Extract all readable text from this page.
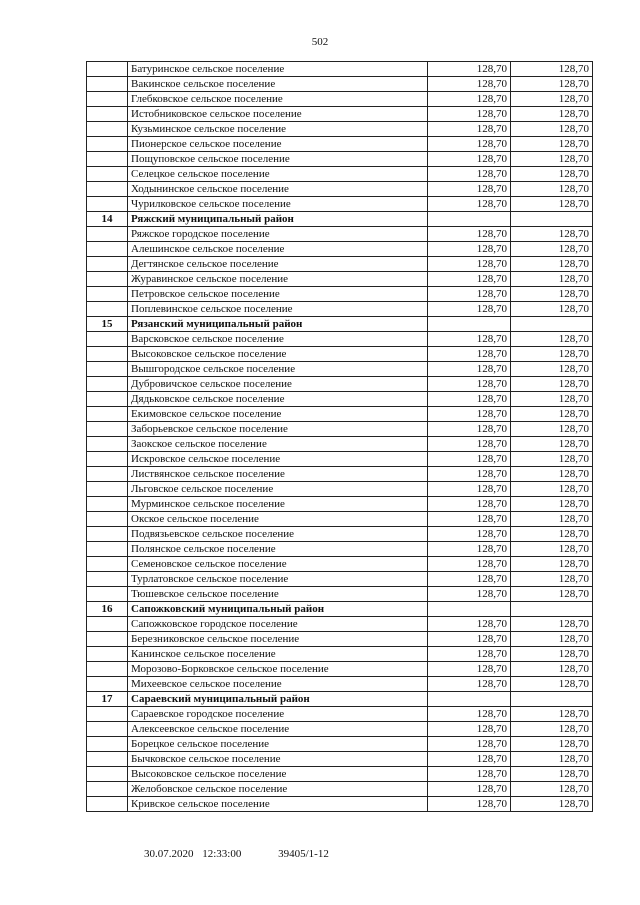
502
	Батуринское сельское поселение	128,70	128,70
	Вакинское сельское поселение	128,70	128,70
	Глебковское сельское поселение	128,70	128,70
	Истобниковское сельское поселение	128,70	128,70
	Кузьминское сельское поселение	128,70	128,70
	Пионерское сельское поселение	128,70	128,70
	Пощуповское сельское поселение	128,70	128,70
	Селецкое сельское поселение	128,70	128,70
	Ходынинское сельское поселение	128,70	128,70
	Чурилковское сельское поселение	128,70	128,70
14	Ряжский муниципальный район		
	Ряжское городское поселение	128,70	128,70
	Алешинское сельское поселение	128,70	128,70
	Дегтянское сельское поселение	128,70	128,70
	Журавинское сельское поселение	128,70	128,70
	Петровское сельское поселение	128,70	128,70
	Поплевинское сельское поселение	128,70	128,70
15	Рязанский муниципальный район		
	Варсковское сельское поселение	128,70	128,70
	Высоковское сельское поселение	128,70	128,70
	Вышгородское сельское поселение	128,70	128,70
	Дубровичское сельское поселение	128,70	128,70
	Дядьковское сельское поселение	128,70	128,70
	Екимовское сельское поселение	128,70	128,70
	Заборьевское сельское поселение	128,70	128,70
	Заокское сельское поселение	128,70	128,70
	Искровское сельское поселение	128,70	128,70
	Листвянское сельское поселение	128,70	128,70
	Льговское сельское поселение	128,70	128,70
	Мурминское сельское поселение	128,70	128,70
	Окское сельское поселение	128,70	128,70
	Подвязьевское сельское поселение	128,70	128,70
	Полянское сельское поселение	128,70	128,70
	Семеновское сельское поселение	128,70	128,70
	Турлатовское сельское поселение	128,70	128,70
	Тюшевское сельское поселение	128,70	128,70
16	Сапожковский муниципальный район		
	Сапожковское городское поселение	128,70	128,70
	Березниковское сельское поселение	128,70	128,70
	Канинское сельское поселение	128,70	128,70
	Морозово-Борковское сельское поселение	128,70	128,70
	Михеевское сельское поселение	128,70	128,70
17	Сараевский муниципальный район		
	Сараевское городское поселение	128,70	128,70
	Алексеевское сельское поселение	128,70	128,70
	Борецкое сельское поселение	128,70	128,70
	Бычковское сельское поселение	128,70	128,70
	Высоковское сельское поселение	128,70	128,70
	Желобовское сельское поселение	128,70	128,70
	Кривское сельское поселение	128,70	128,70
30.07.2020 12:33:00	39405/1-12
